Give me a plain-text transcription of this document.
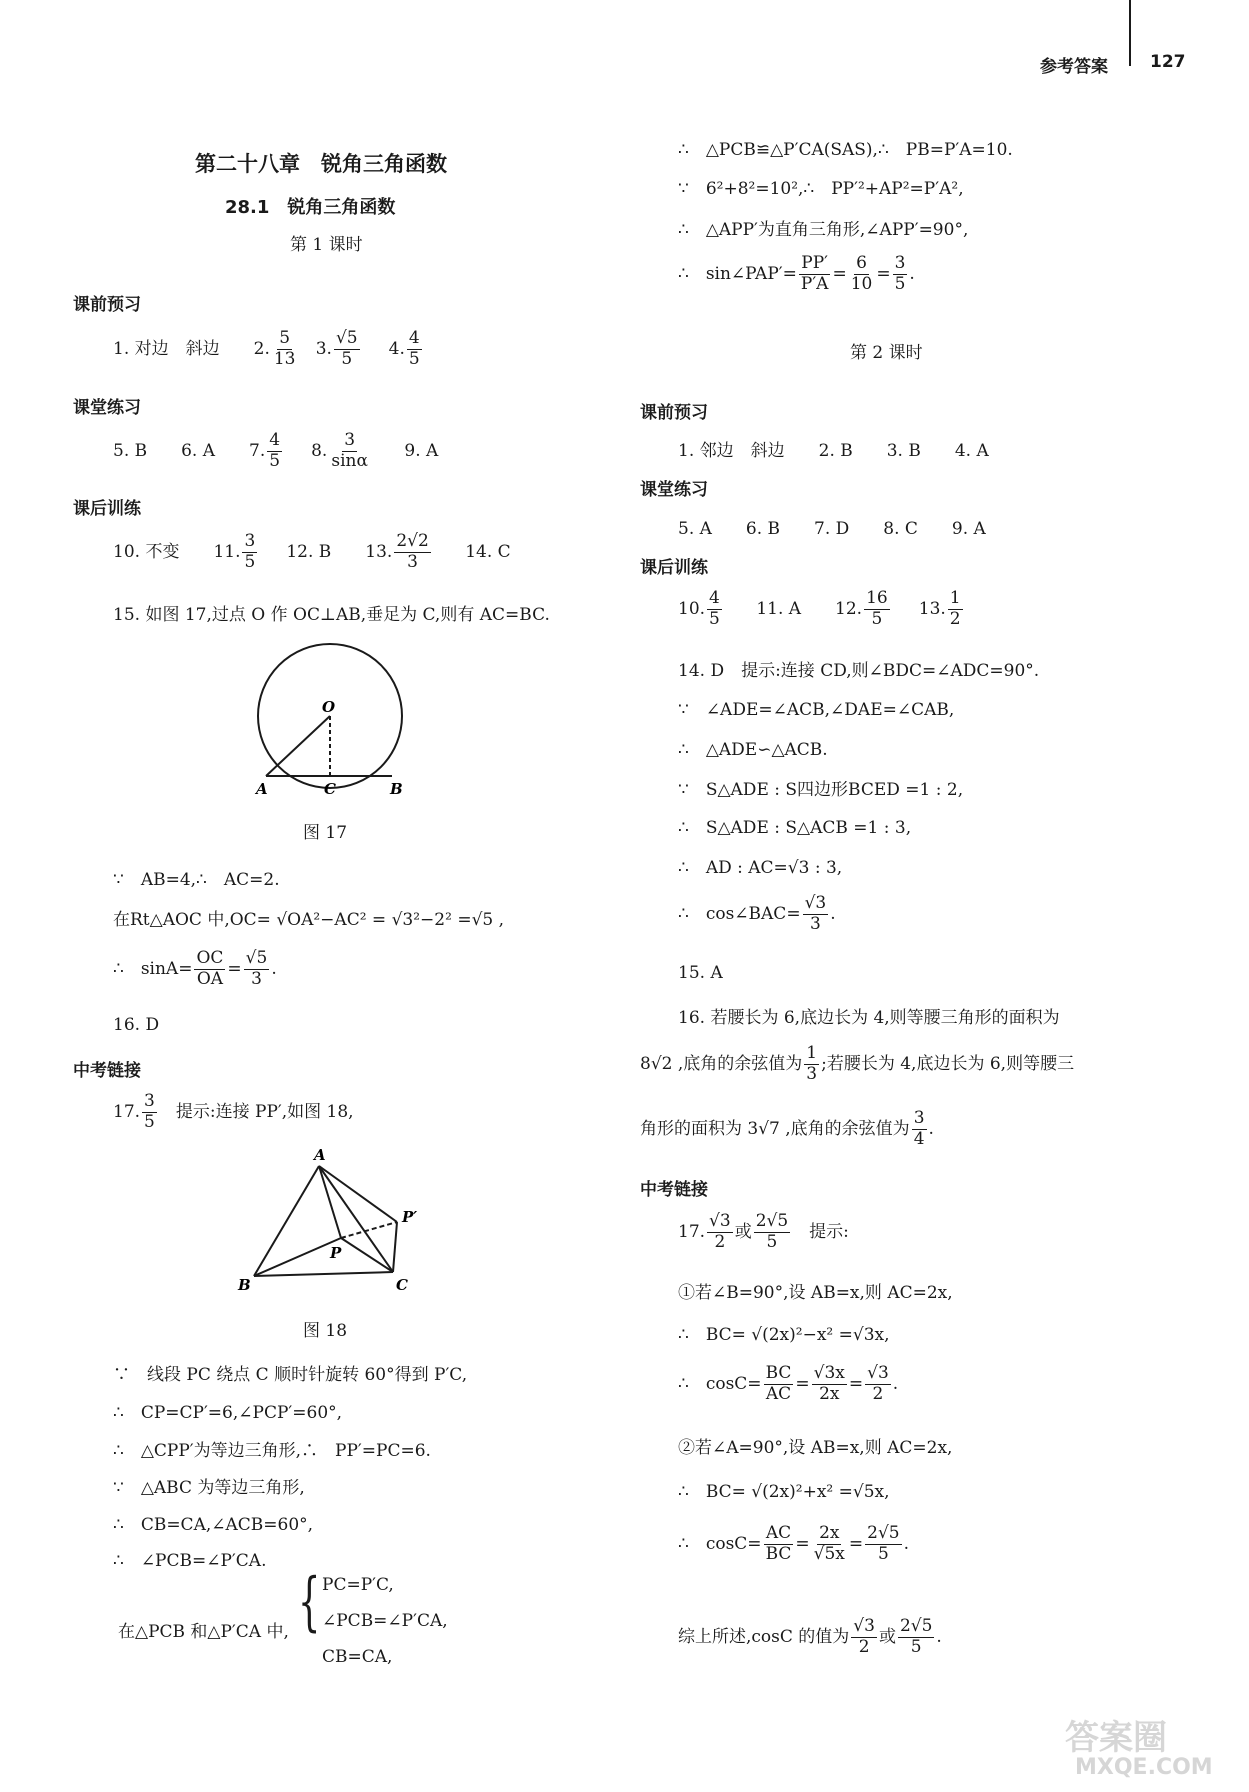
参考答案 127
第二十八章　锐角三角函数
28.1　锐角三角函数
第 1 课时
课前预习
1. 对边　斜边　　2. $\frac{5}{13} 3$. $\frac{√5}{5} 4$. $\frac{4}{5}$
课堂练习
5. B　　6. A　　7. $\frac{4}{5} 8$. $\frac{3}{\sin\alpha} 9$. A
课后训练
10. 不变　　11. $\frac{3}{5} 12$. B　　13. $\frac{2√2}{3} 14$. C
15. 如图 17,过点 O 作 OC⊥AB,垂足为 C,则有 AC=BC.
O
A	C	B
图 17
∵　AB=4,∴　AC=2.
在Rt△AOC 中,OC= √OA²−AC² = √3²−2² =√5 ,
∴　$\sin A= \frac{OC}{OA} = \frac{√5}{3}$ .
16. D
中考链接
17. $\frac{3}{5}$ 　提示:连接 PP′,如图 18,
A
P′
P
B	C
图 18
∵　线段 PC 绕点 C 顺时针旋转 60°得到 P′C,
∴　CP=CP′=6,∠PCP′=60°,
∴　△CPP′为等边三角形,∴　PP′=PC=6.
∵　△ABC 为等边三角形,
∴　CB=CA,∠ACB=60°,
∴　∠PCB=∠P′CA.
在△PCB 和△P′CA 中, { PC=P′C,
∠PCB=∠P′CA,
CB=CA,
∴　△PCB≌△P′CA(SAS),∴　PB=P′A=10.
∵　6²+8²=10²,∴　PP′²+AP²=P′A²,
∴　△APP′为直角三角形,∠APP′=90°,
∴　sin∠PAP′= $\frac{PP'}{P'A} = \frac{6}{10} = \frac{3}{5}$ .
第 2 课时
课前预习
1. 邻边　斜边　　2. B　　3. B　　4. A
课堂练习
5. A　　6. B　　7. D　　8. C　　9. A
课后训练
10. $\frac{4}{5} 11$. A　　12. $\frac{16}{5} 13$. $\frac{1}{2}$
14. D　提示:连接 CD,则∠BDC=∠ADC=90°.
∵　∠ADE=∠ACB,∠DAE=∠CAB,
∴　△ADE∽△ACB.
∵　S△ADE : S四边形BCED =1 : 2,
∴　S△ADE : S△ACB =1 : 3,
∴　AD : AC=√3 : 3,
∴　cos∠BAC= $\frac{√3}{3}$ .
15. A
16. 若腰长为 6,底边长为 4,则等腰三角形的面积为
8√2 ,底角的余弦值为 $\frac{1}{3}$ ;若腰长为 4,底边长为 6,则等腰三
角形的面积为 3√7 ,底角的余弦值为 $\frac{3}{4}$ .
中考链接
17. $\frac{√3}{2}$ 或 $\frac{2√5}{5}$ 　提示:
①若∠B=90°,设 AB=x,则 AC=2x,
∴　BC= √(2x)²−x² =√3x,
∴　$\cos C= \frac{BC}{AC} = \frac{√3x}{2x} = \frac{√3}{2}$ .
②若∠A=90°,设 AB=x,则 AC=2x,
∴　BC= √(2x)²+x² =√5x,
∴　$\cos C= \frac{AC}{BC} = \frac{2x}{√5x} = \frac{2√5}{5}$ .
综上所述,cosC 的值为 $\frac{√3}{2}$ 或 $\frac{2√5}{5}$ .
答案圈
MXQE.COM
